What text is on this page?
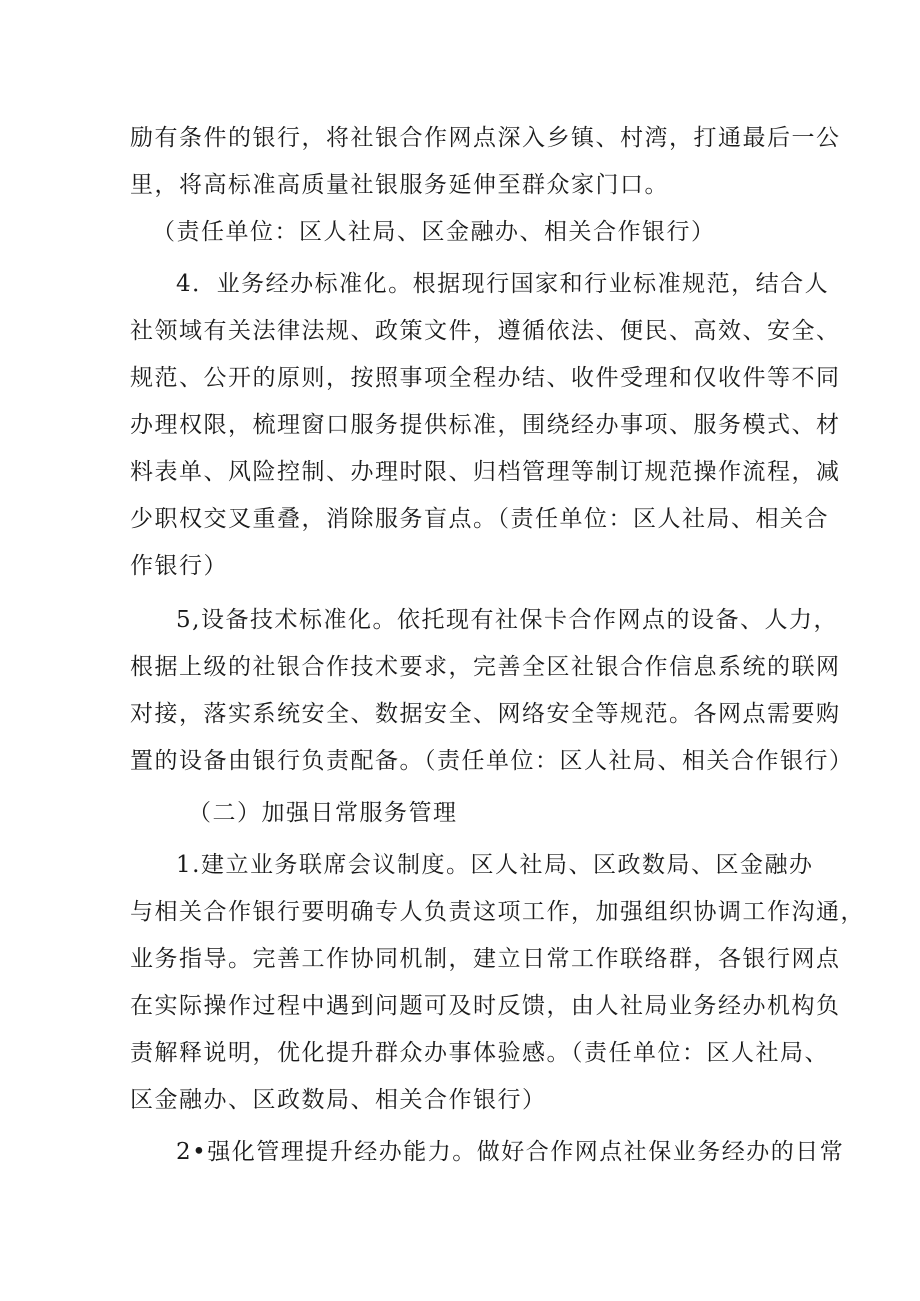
励有条件的银行，将社银合作网点深入乡镇、村湾，打通最后一公
里，将高标准高质量社银服务延伸至群众家门口。
（责任单位：区人社局、区金融办、相关合作银行）
4．业务经办标准化。根据现行国家和行业标准规范，结合人
社领域有关法律法规、政策文件，遵循依法、便民、高效、安全、
规范、公开的原则，按照事项全程办结、收件受理和仅收件等不同
办理权限，梳理窗口服务提供标准，围绕经办事项、服务模式、材
料表单、风险控制、办理时限、归档管理等制订规范操作流程，减
少职权交叉重叠，消除服务盲点。（责任单位：区人社局、相关合
作银行）
5,设备技术标准化。依托现有社保卡合作网点的设备、人力，
根据上级的社银合作技术要求，完善全区社银合作信息系统的联网
对接，落实系统安全、数据安全、网络安全等规范。各网点需要购
置的设备由银行负责配备。（责任单位：区人社局、相关合作银行）
（二）加强日常服务管理
1.建立业务联席会议制度。区人社局、区政数局、区金融办
与相关合作银行要明确专人负责这项工作，加强组织协调工作沟通，
业务指导。完善工作协同机制，建立日常工作联络群，各银行网点
在实际操作过程中遇到问题可及时反馈，由人社局业务经办机构负
责解释说明，优化提升群众办事体验感。（责任单位：区人社局、
区金融办、区政数局、相关合作银行）
2•强化管理提升经办能力。做好合作网点社保业务经办的日常
